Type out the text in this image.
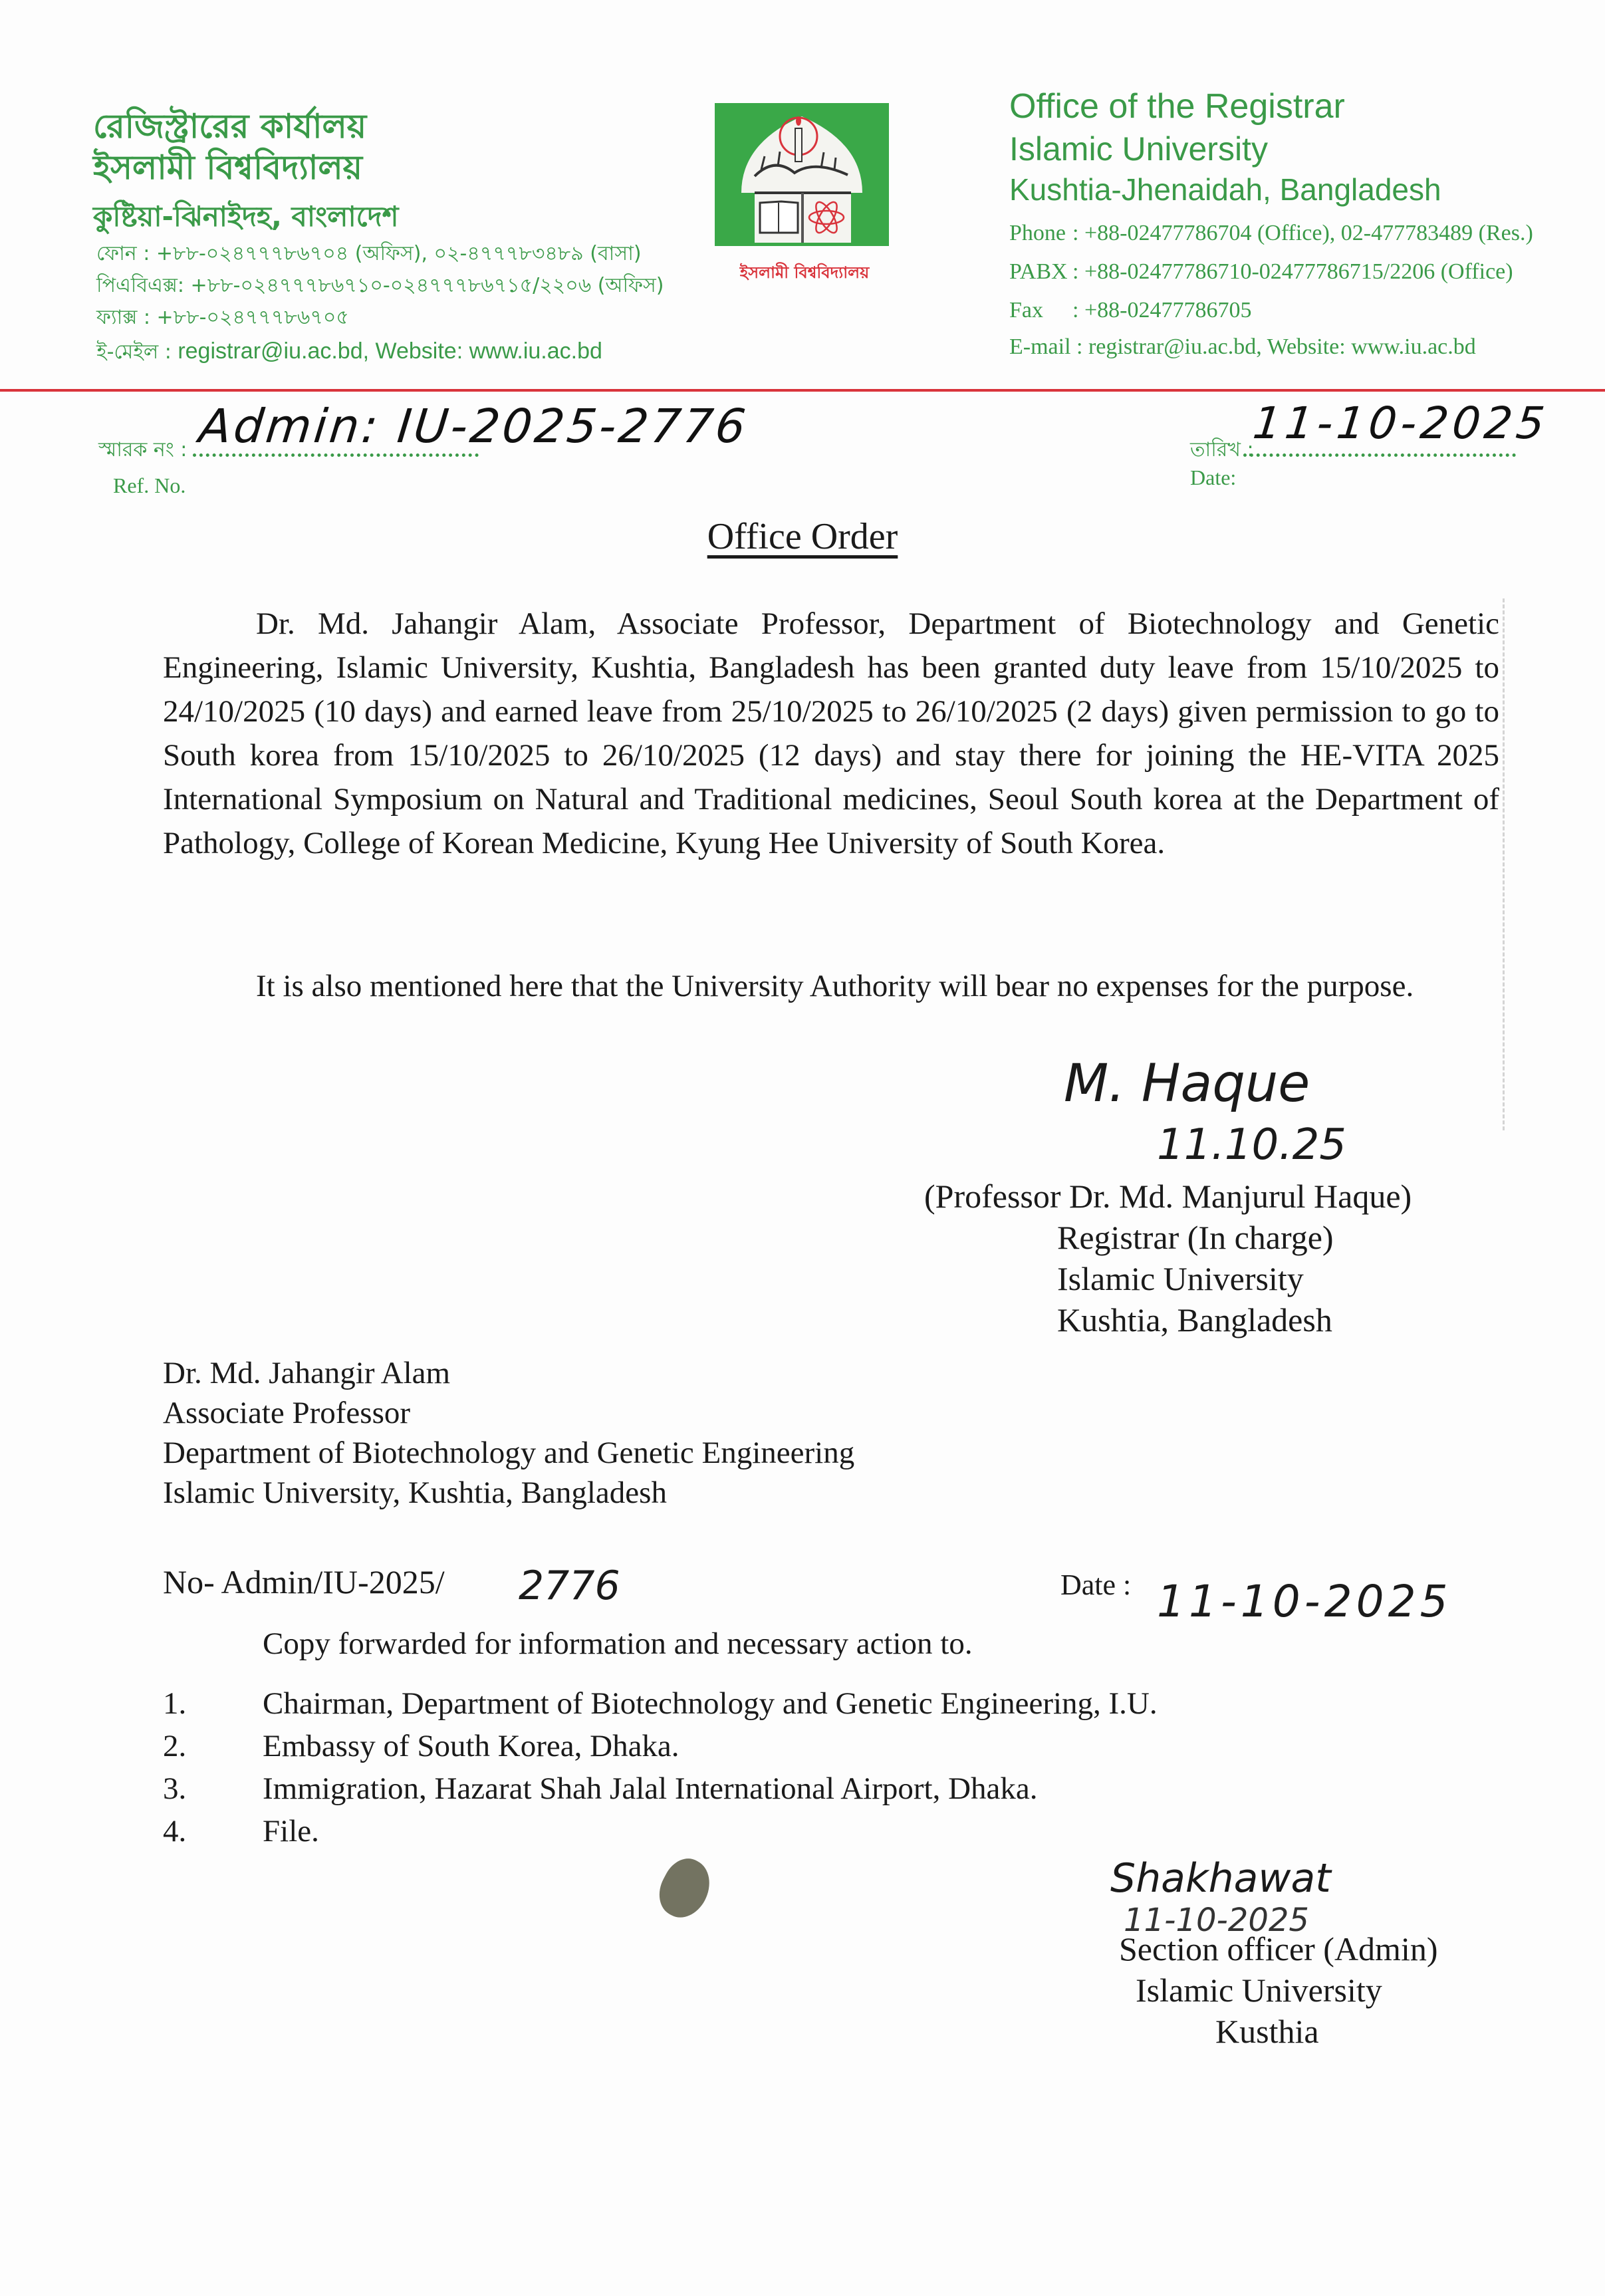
রেজিস্ট্রারের কার্যালয়
ইসলামী বিশ্ববিদ্যালয়
কুষ্টিয়া-ঝিনাইদহ, বাংলাদেশ
ফোন : +৮৮-০২৪৭৭৭৮৬৭০৪ (অফিস), ০২-৪৭৭৭৮৩৪৮৯ (বাসা)
পিএবিএক্স: +৮৮-০২৪৭৭৭৮৬৭১০-০২৪৭৭৭৮৬৭১৫/২২০৬ (অফিস)
ফ্যাক্স : +৮৮-০২৪৭৭৭৮৬৭০৫
ই-মেইল : registrar@iu.ac.bd, Website: www.iu.ac.bd
ইসলামী বিশ্ববিদ্যালয়
Office of the Registrar
Islamic University
Kushtia-Jhenaidah, Bangladesh
Phone : +88-02477786704 (Office), 02-477783489 (Res.)
PABX : +88-02477786710-02477786715/2206 (Office)
Fax : +88-02477786705
E-mail : registrar@iu.ac.bd, Website: www.iu.ac.bd
স্মারক নং : Admin: IU-2025-2776
Ref. No.
তারিখ :
11-10-2025
Date:
Office Order
Dr. Md. Jahangir Alam, Associate Professor, Department of Biotechnology and Genetic Engineering, Islamic University, Kushtia, Bangladesh has been granted duty leave from 15/10/2025 to 24/10/2025 (10 days) and earned leave from 25/10/2025 to 26/10/2025 (2 days) given permission to go to South korea from 15/10/2025 to 26/10/2025 (12 days) and stay there for joining the HE-VITA 2025 International Symposium on Natural and Traditional medicines, Seoul South korea at the Department of Pathology, College of Korean Medicine, Kyung Hee University of South Korea.
It is also mentioned here that the University Authority will bear no expenses for the purpose.
M. Haque
11.10.25
(Professor Dr. Md. Manjurul Haque)
Registrar (In charge)
Islamic University
Kushtia, Bangladesh
Dr. Md. Jahangir Alam
Associate Professor
Department of Biotechnology and Genetic Engineering
Islamic University, Kushtia, Bangladesh
No- Admin/IU-2025/ 2776	Date : 11-10-2025
Copy forwarded for information and necessary action to.
1. Chairman, Department of Biotechnology and Genetic Engineering, I.U.
2. Embassy of South Korea, Dhaka.
3. Immigration, Hazarat Shah Jalal International Airport, Dhaka.
4. File.
Shakhawat
11-10-2025
Section officer (Admin)
Islamic University
Kusthia
